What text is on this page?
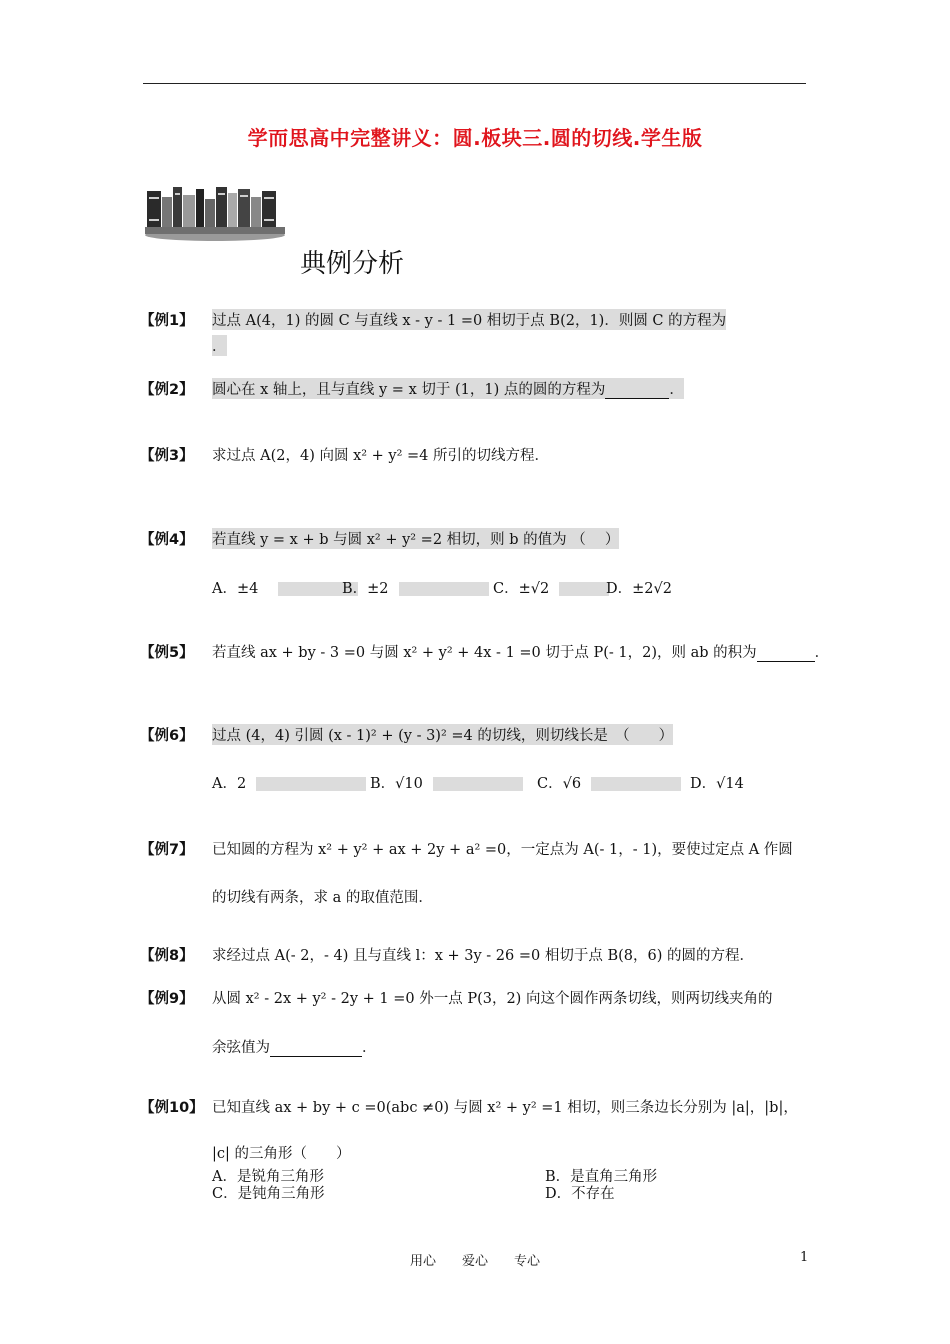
学而思高中完整讲义：圆.板块三.圆的切线.学生版
典例分析
【例1】 过点 A(4，1) 的圆 C 与直线 x - y - 1 =0 相切于点 B(2，1)．则圆 C 的方程为
．
【例2】 圆心在 x 轴上，且与直线 y = x 切于 (1，1) 点的圆的方程为	．
【例3】 求过点 A(2，4) 向圆 x² + y² =4 所引的切线方程．
【例4】 若直线 y = x + b 与圆 x² + y² =2 相切，则 b 的值为 （　 ）
A．±4	B．±2	C．±√2	D．±2√2
【例5】 若直线 ax + by - 3 =0 与圆 x² + y² + 4x - 1 =0 切于点 P(- 1，2)，则 ab 的积为	．
【例6】 过点 (4，4) 引圆 (x - 1)² + (y - 3)² =4 的切线，则切线长是　（　　）
A．2	B．√10	C．√6	D．√14
【例7】 已知圆的方程为 x² + y² + ax + 2y + a² =0，一定点为 A(- 1，- 1)，要使过定点 A 作圆
的切线有两条，求 a 的取值范围．
【例8】 求经过点 A(- 2，- 4) 且与直线 l：x + 3y - 26 =0 相切于点 B(8，6) 的圆的方程．
【例9】 从圆 x² - 2x + y² - 2y + 1 =0 外一点 P(3，2) 向这个圆作两条切线，则两切线夹角的
余弦值为	．
【例10】 已知直线 ax + by + c =0(abc ≠0) 与圆 x² + y² =1 相切，则三条边长分别为 |a|，|b|，
|c| 的三角形（　　）
A．是锐角三角形	B．是直角三角形
C．是钝角三角形	D．不存在
用心　　爱心　　专心	1
